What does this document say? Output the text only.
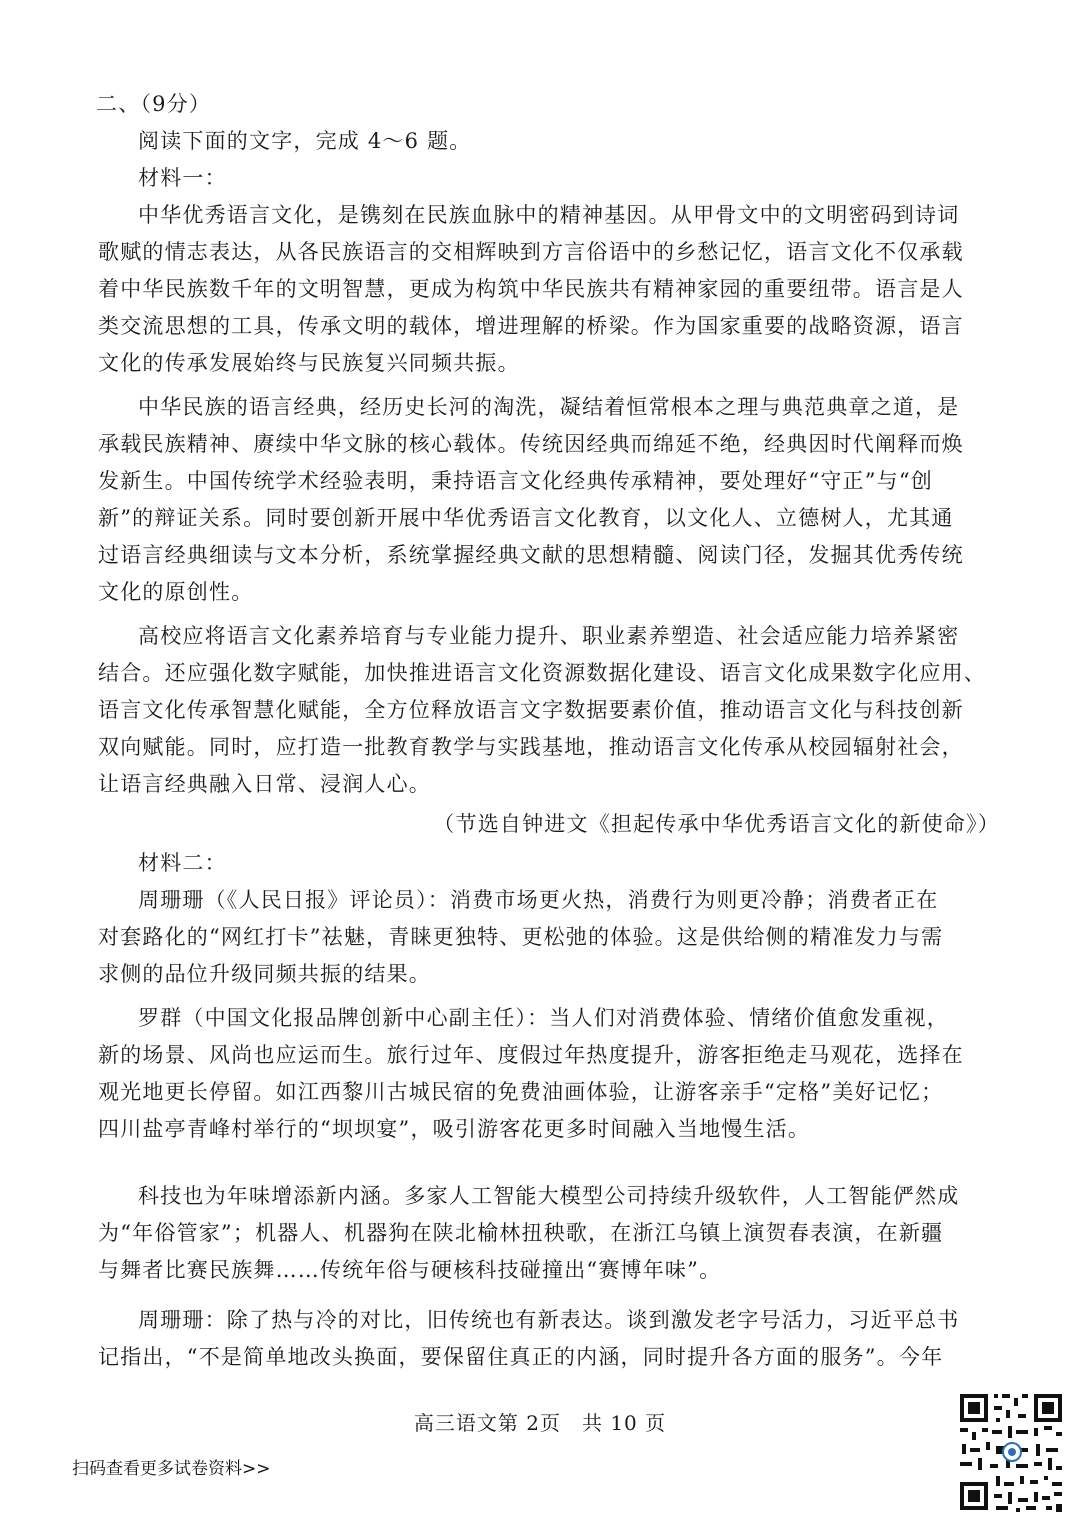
二、（9分）
阅读下面的文字，完成 4～6 题。
材料一：
中华优秀语言文化，是镌刻在民族血脉中的精神基因。从甲骨文中的文明密码到诗词
歌赋的情志表达，从各民族语言的交相辉映到方言俗语中的乡愁记忆，语言文化不仅承载
着中华民族数千年的文明智慧，更成为构筑中华民族共有精神家园的重要纽带。语言是人
类交流思想的工具，传承文明的载体，增进理解的桥梁。作为国家重要的战略资源，语言
文化的传承发展始终与民族复兴同频共振。
中华民族的语言经典，经历史长河的淘洗，凝结着恒常根本之理与典范典章之道，是
承载民族精神、赓续中华文脉的核心载体。传统因经典而绵延不绝，经典因时代阐释而焕
发新生。中国传统学术经验表明，秉持语言文化经典传承精神，要处理好“守正”与“创
新”的辩证关系。同时要创新开展中华优秀语言文化教育，以文化人、立德树人，尤其通
过语言经典细读与文本分析，系统掌握经典文献的思想精髓、阅读门径，发掘其优秀传统
文化的原创性。
高校应将语言文化素养培育与专业能力提升、职业素养塑造、社会适应能力培养紧密
结合。还应强化数字赋能，加快推进语言文化资源数据化建设、语言文化成果数字化应用、
语言文化传承智慧化赋能，全方位释放语言文字数据要素价值，推动语言文化与科技创新
双向赋能。同时，应打造一批教育教学与实践基地，推动语言文化传承从校园辐射社会，
让语言经典融入日常、浸润人心。
（节选自钟进文《担起传承中华优秀语言文化的新使命》）
材料二：
周珊珊（《人民日报》评论员）：消费市场更火热，消费行为则更冷静；消费者正在
对套路化的“网红打卡”祛魅，青睐更独特、更松弛的体验。这是供给侧的精准发力与需
求侧的品位升级同频共振的结果。
罗群（中国文化报品牌创新中心副主任）：当人们对消费体验、情绪价值愈发重视，
新的场景、风尚也应运而生。旅行过年、度假过年热度提升，游客拒绝走马观花，选择在
观光地更长停留。如江西黎川古城民宿的免费油画体验，让游客亲手“定格”美好记忆；
四川盐亭青峰村举行的“坝坝宴”，吸引游客花更多时间融入当地慢生活。
科技也为年味增添新内涵。多家人工智能大模型公司持续升级软件，人工智能俨然成
为“年俗管家”；机器人、机器狗在陕北榆林扭秧歌，在浙江乌镇上演贺春表演，在新疆
与舞者比赛民族舞……传统年俗与硬核科技碰撞出“赛博年味”。
周珊珊：除了热与冷的对比，旧传统也有新表达。谈到激发老字号活力，习近平总书
记指出，“不是简单地改头换面，要保留住真正的内涵，同时提升各方面的服务”。今年
高三语文第 2页　共 10 页
扫码查看更多试卷资料>>
